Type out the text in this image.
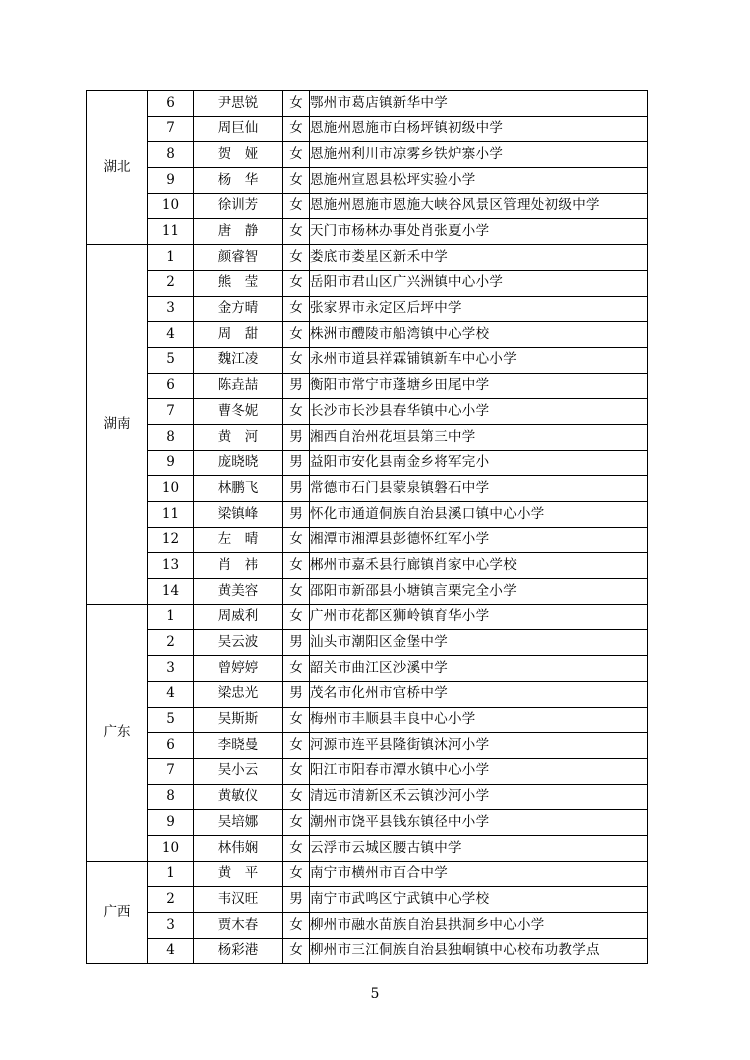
湖北	6	尹思锐	女	鄂州市葛店镇新华中学
	7	周巨仙	女	恩施州恩施市白杨坪镇初级中学
	8	贺　娅	女	恩施州利川市凉雾乡铁炉寨小学
	9	杨　华	女	恩施州宣恩县松坪实验小学
	10	徐训芳	女	恩施州恩施市恩施大峡谷风景区管理处初级中学
	11	唐　静	女	天门市杨林办事处肖张夏小学
湖南	1	颜睿智	女	娄底市娄星区新禾中学
	2	熊　莹	女	岳阳市君山区广兴洲镇中心小学
	3	金方晴	女	张家界市永定区后坪中学
	4	周　甜	女	株洲市醴陵市船湾镇中心学校
	5	魏江凌	女	永州市道县祥霖铺镇新车中心小学
	6	陈垚喆	男	衡阳市常宁市蓬塘乡田尾中学
	7	曹冬妮	女	长沙市长沙县春华镇中心小学
	8	黄　河	男	湘西自治州花垣县第三中学
	9	庞晓晓	男	益阳市安化县南金乡将军完小
	10	林鹏飞	男	常德市石门县蒙泉镇磐石中学
	11	梁镇峰	男	怀化市通道侗族自治县溪口镇中心小学
	12	左　晴	女	湘潭市湘潭县彭德怀红军小学
	13	肖　祎	女	郴州市嘉禾县行廊镇肖家中心学校
	14	黄美容	女	邵阳市新邵县小塘镇言栗完全小学
广东	1	周威利	女	广州市花都区狮岭镇育华小学
	2	吴云波	男	汕头市潮阳区金堡中学
	3	曾婷婷	女	韶关市曲江区沙溪中学
	4	梁忠光	男	茂名市化州市官桥中学
	5	吴斯斯	女	梅州市丰顺县丰良中心小学
	6	李晓曼	女	河源市连平县隆街镇沐河小学
	7	吴小云	女	阳江市阳春市潭水镇中心小学
	8	黄敏仪	女	清远市清新区禾云镇沙河小学
	9	吴培娜	女	潮州市饶平县钱东镇径中小学
	10	林伟娴	女	云浮市云城区腰古镇中学
广西	1	黄　平	女	南宁市横州市百合中学
	2	韦汉旺	男	南宁市武鸣区宁武镇中心学校
	3	贾木春	女	柳州市融水苗族自治县拱洞乡中心小学
	4	杨彩港	女	柳州市三江侗族自治县独峒镇中心校布功教学点
5
